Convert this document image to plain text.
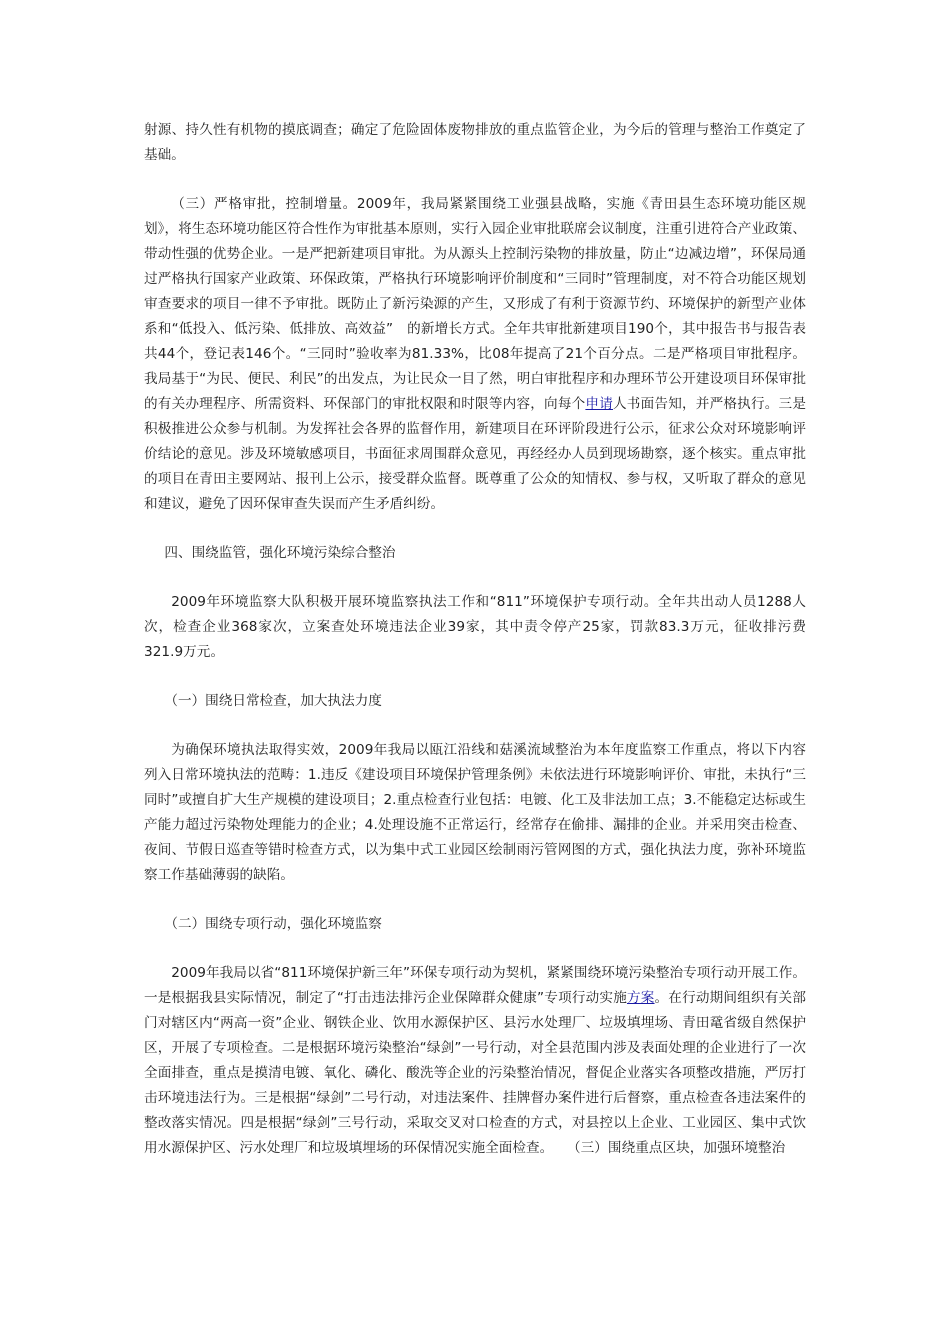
射源、持久性有机物的摸底调查；确定了危险固体废物排放的重点监管企业，为今后的管理与整治工作奠定了基础。

（三）严格审批，控制增量。2009年，我局紧紧围绕工业强县战略，实施《青田县生态环境功能区规划》，将生态环境功能区符合性作为审批基本原则，实行入园企业审批联席会议制度，注重引进符合产业政策、带动性强的优势企业。一是严把新建项目审批。为从源头上控制污染物的排放量，防止“边减边增”，环保局通过严格执行国家产业政策、环保政策，严格执行环境影响评价制度和“三同时”管理制度，对不符合功能区规划审查要求的项目一律不予审批。既防止了新污染源的产生，又形成了有利于资源节约、环境保护的新型产业体系和“低投入、低污染、低排放、高效益”　的新增长方式。全年共审批新建项目190个，其中报告书与报告表共44个，登记表146个。“三同时”验收率为81.33%，比08年提高了21个百分点。二是严格项目审批程序。我局基于“为民、便民、利民”的出发点，为让民众一目了然，明白审批程序和办理环节公开建设项目环保审批的有关办理程序、所需资料、环保部门的审批权限和时限等内容，向每个申请人书面告知，并严格执行。三是积极推进公众参与机制。为发挥社会各界的监督作用，新建项目在环评阶段进行公示，征求公众对环境影响评价结论的意见。涉及环境敏感项目，书面征求周围群众意见，再经经办人员到现场勘察，逐个核实。重点审批的项目在青田主要网站、报刊上公示，接受群众监督。既尊重了公众的知情权、参与权，又听取了群众的意见和建议，避免了因环保审查失误而产生矛盾纠纷。

四、围绕监管，强化环境污染综合整治

2009年环境监察大队积极开展环境监察执法工作和“811”环境保护专项行动。全年共出动人员1288人次，检查企业368家次，立案查处环境违法企业39家，其中责令停产25家，罚款83.3万元，征收排污费321.9万元。

（一）围绕日常检查，加大执法力度

为确保环境执法取得实效，2009年我局以瓯江沿线和菇溪流域整治为本年度监察工作重点，将以下内容列入日常环境执法的范畴：1.违反《建设项目环境保护管理条例》未依法进行环境影响评价、审批，未执行“三同时”或擅自扩大生产规模的建设项目；2.重点检查行业包括：电镀、化工及非法加工点；3.不能稳定达标或生产能力超过污染物处理能力的企业；4.处理设施不正常运行，经常存在偷排、漏排的企业。并采用突击检查、夜间、节假日巡查等错时检查方式，以为集中式工业园区绘制雨污管网图的方式，强化执法力度，弥补环境监察工作基础薄弱的缺陷。

（二）围绕专项行动，强化环境监察

2009年我局以省“811环境保护新三年”环保专项行动为契机，紧紧围绕环境污染整治专项行动开展工作。一是根据我县实际情况，制定了“打击违法排污企业保障群众健康”专项行动实施方案。在行动期间组织有关部门对辖区内“两高一资”企业、钢铁企业、饮用水源保护区、县污水处理厂、垃圾填埋场、青田鼋省级自然保护区，开展了专项检查。二是根据环境污染整治“绿剑”一号行动，对全县范围内涉及表面处理的企业进行了一次全面排查，重点是摸清电镀、氧化、磷化、酸洗等企业的污染整治情况，督促企业落实各项整改措施，严厉打击环境违法行为。三是根据“绿剑”二号行动，对违法案件、挂牌督办案件进行后督察，重点检查各违法案件的整改落实情况。四是根据“绿剑”三号行动，采取交叉对口检查的方式，对县控以上企业、工业园区、集中式饮用水源保护区、污水处理厂和垃圾填埋场的环保情况实施全面检查。　　（三）围绕重点区块，加强环境整治
